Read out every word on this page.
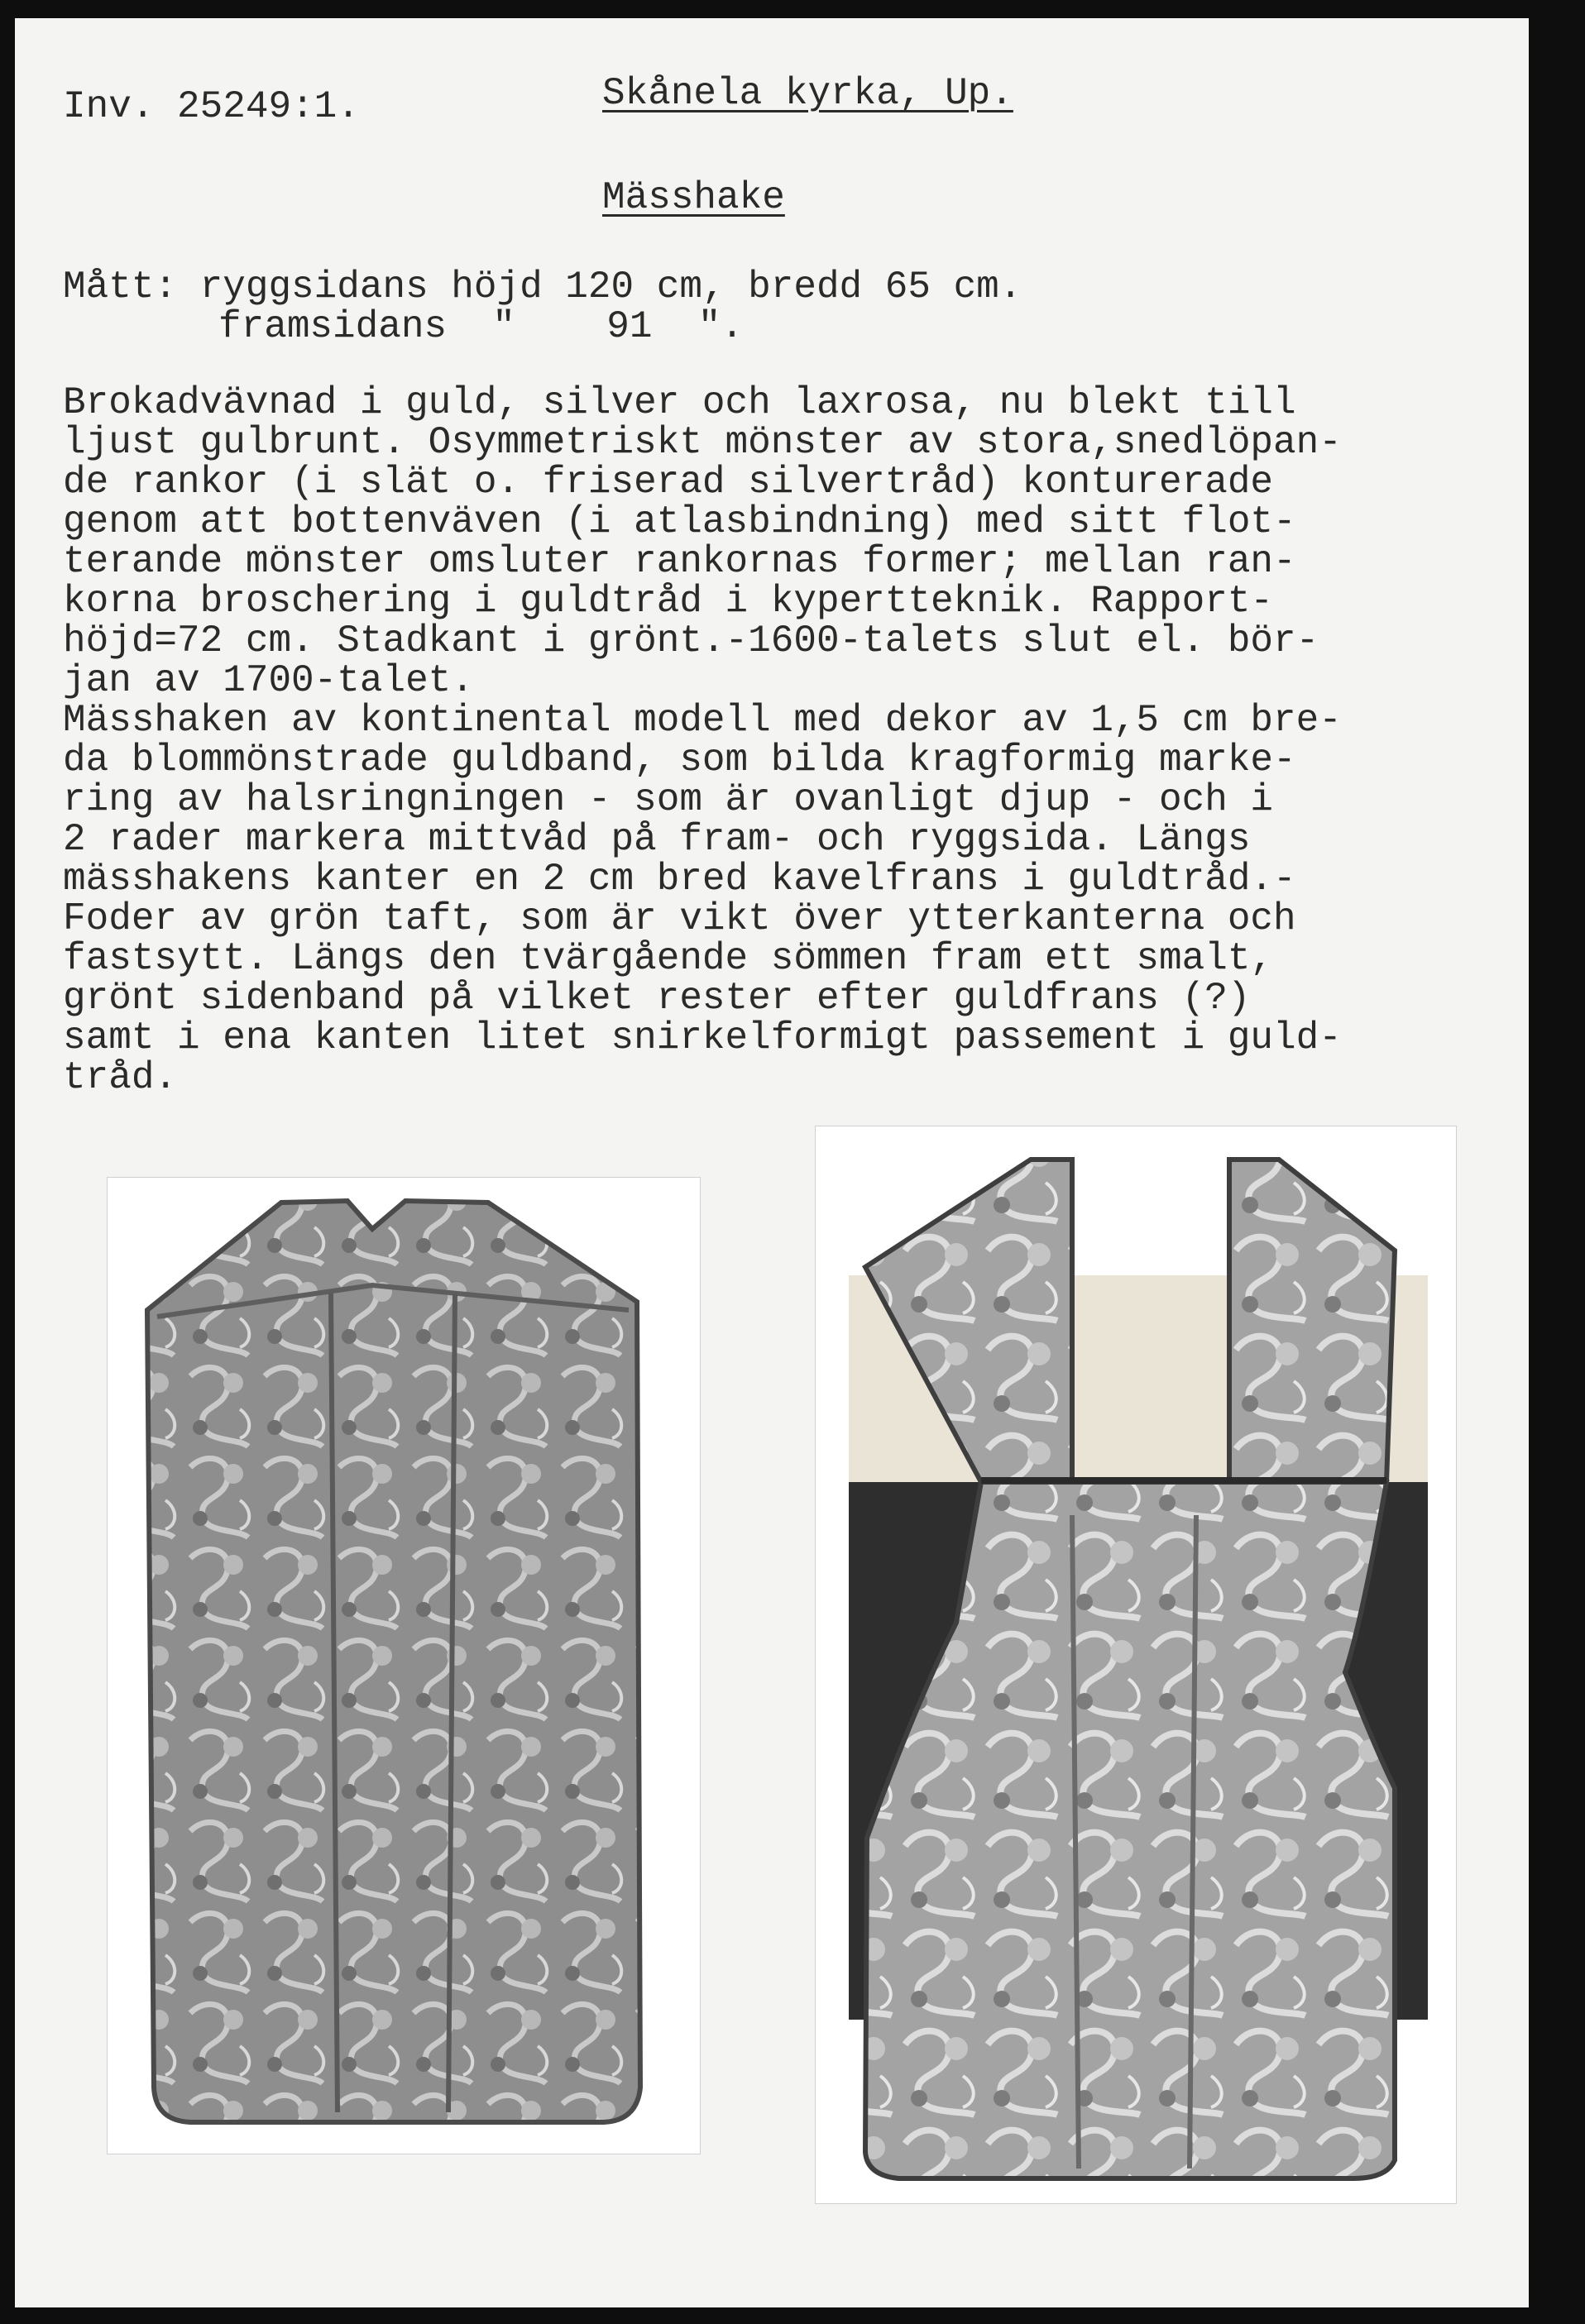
Inv. 25249:1.	Skånela kyrka, Up.
Mässhake
Mått: ryggsidans höjd 120 cm, bredd 65 cm.
framsidans  "    91  ".
Brokadvävnad i guld, silver och laxrosa, nu blekt till
ljust gulbrunt. Osymmetriskt mönster av stora,snedlöpan-
de rankor (i slät o. friserad silvertråd) konturerade
genom att bottenväven (i atlasbindning) med sitt flot-
terande mönster omsluter rankornas former; mellan ran-
korna broschering i guldtråd i kypertteknik. Rapport-
höjd=72 cm. Stadkant i grönt.-1600-talets slut el. bör-
jan av 1700-talet.
Mässhaken av kontinental modell med dekor av 1,5 cm bre-
da blommönstrade guldband, som bilda kragformig marke-
ring av halsringningen - som är ovanligt djup - och i
2 rader markera mittvåd på fram- och ryggsida. Längs
mässhakens kanter en 2 cm bred kavelfrans i guldtråd.-
Foder av grön taft, som är vikt över ytterkanterna och
fastsytt. Längs den tvärgående sömmen fram ett smalt,
grönt sidenband på vilket rester efter guldfrans (?)
samt i ena kanten litet snirkelformigt passement i guld-
tråd.
